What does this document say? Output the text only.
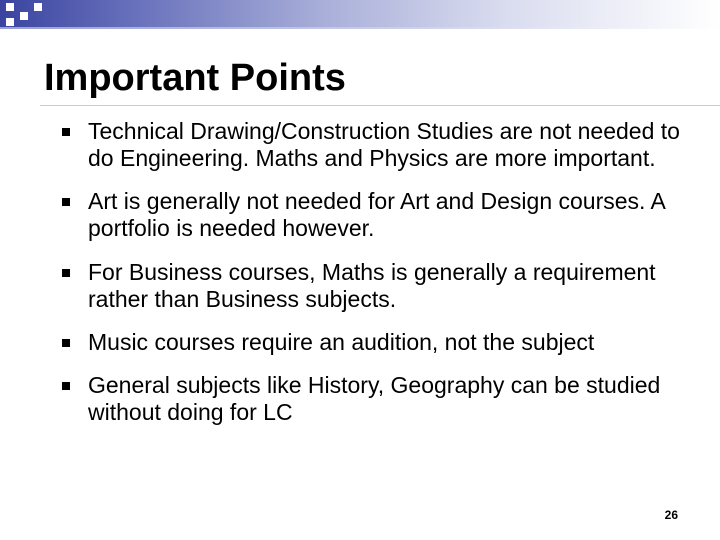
Important Points
Technical Drawing/Construction Studies are not needed to do Engineering. Maths and Physics are more important.
Art is generally not needed for Art and Design courses. A portfolio is needed however.
For Business courses, Maths is generally a requirement rather than Business subjects.
Music courses require an audition, not the subject
General subjects like History, Geography can be studied without doing for LC
26
